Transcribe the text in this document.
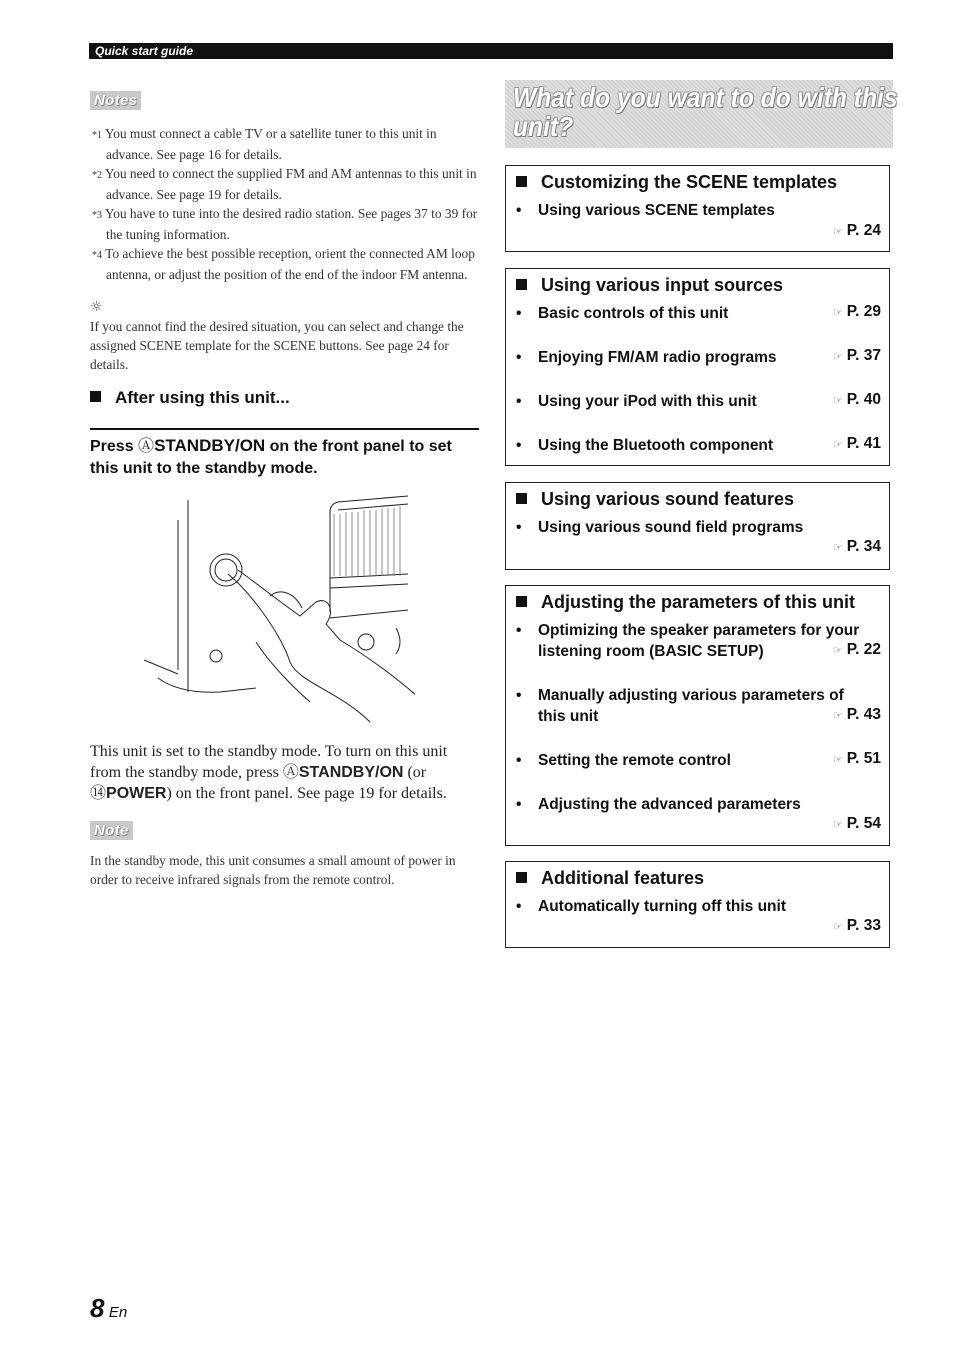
Quick start guide
Notes
*1 You must connect a cable TV or a satellite tuner to this unit in advance. See page 16 for details.
*2 You need to connect the supplied FM and AM antennas to this unit in advance. See page 19 for details.
*3 You have to tune into the desired radio station. See pages 37 to 39 for the tuning information.
*4 To achieve the best possible reception, orient the connected AM loop antenna, or adjust the position of the end of the indoor FM antenna.
☼
If you cannot find the desired situation, you can select and change the assigned SCENE template for the SCENE buttons. See page 24 for details.
After using this unit...
Press ⒶSTANDBY/ON on the front panel to set this unit to the standby mode.
This unit is set to the standby mode. To turn on this unit from the standby mode, press ⒶSTANDBY/ON (or ⑭POWER) on the front panel. See page 19 for details.
Note
In the standby mode, this unit consumes a small amount of power in order to receive infrared signals from the remote control.
What do you want to do with this unit?
Customizing the SCENE templates
• Using various SCENE templates
☞ P. 24
Using various input sources
• Basic controls of this unit	☞ P. 29
• Enjoying FM/AM radio programs	☞ P. 37
• Using your iPod with this unit	☞ P. 40
• Using the Bluetooth component	☞ P. 41
Using various sound features
• Using various sound field programs
☞ P. 34
Adjusting the parameters of this unit
• Optimizing the speaker parameters for your listening room (BASIC SETUP)	☞ P. 22
• Manually adjusting various parameters of this unit	☞ P. 43
• Setting the remote control	☞ P. 51
• Adjusting the advanced parameters
☞ P. 54
Additional features
• Automatically turning off this unit
☞ P. 33
8 En
